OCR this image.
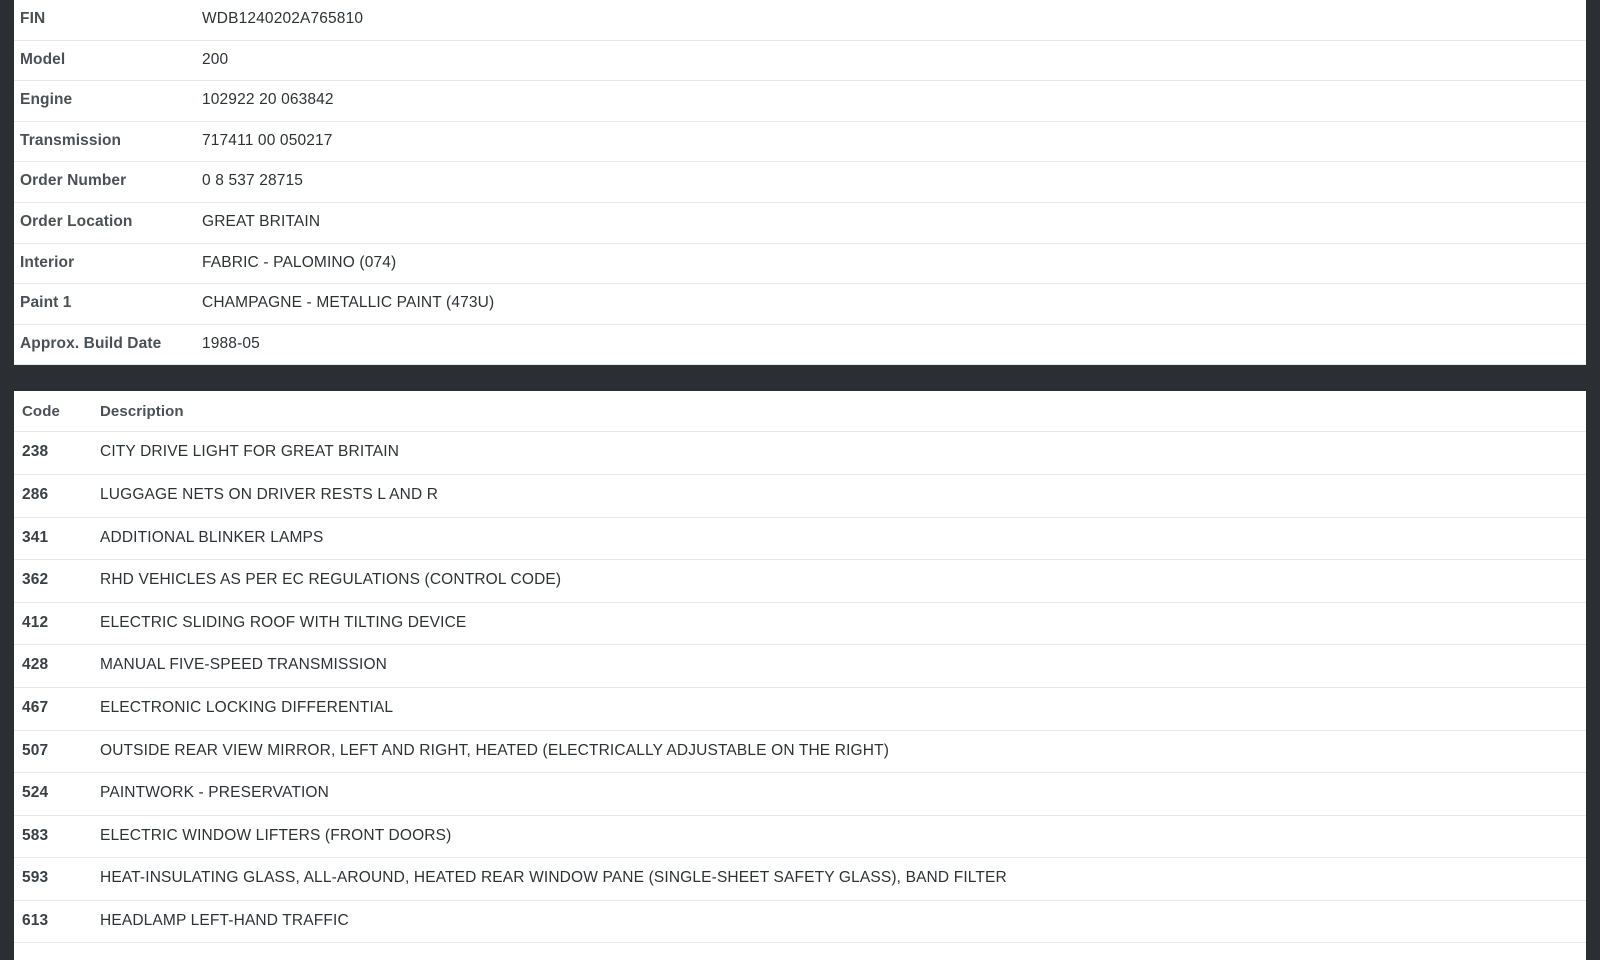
FIN	WDB1240202A765810
Model	200
Engine	102922 20 063842
Transmission	717411 00 050217
Order Number	0 8 537 28715
Order Location	GREAT BRITAIN
Interior	FABRIC - PALOMINO (074)
Paint 1	CHAMPAGNE - METALLIC PAINT (473U)
Approx. Build Date	1988-05
Code	Description
238	CITY DRIVE LIGHT FOR GREAT BRITAIN
286	LUGGAGE NETS ON DRIVER RESTS L AND R
341	ADDITIONAL BLINKER LAMPS
362	RHD VEHICLES AS PER EC REGULATIONS (CONTROL CODE)
412	ELECTRIC SLIDING ROOF WITH TILTING DEVICE
428	MANUAL FIVE-SPEED TRANSMISSION
467	ELECTRONIC LOCKING DIFFERENTIAL
507	OUTSIDE REAR VIEW MIRROR, LEFT AND RIGHT, HEATED (ELECTRICALLY ADJUSTABLE ON THE RIGHT)
524	PAINTWORK - PRESERVATION
583	ELECTRIC WINDOW LIFTERS (FRONT DOORS)
593	HEAT-INSULATING GLASS, ALL-AROUND, HEATED REAR WINDOW PANE (SINGLE-SHEET SAFETY GLASS), BAND FILTER
613	HEADLAMP LEFT-HAND TRAFFIC
